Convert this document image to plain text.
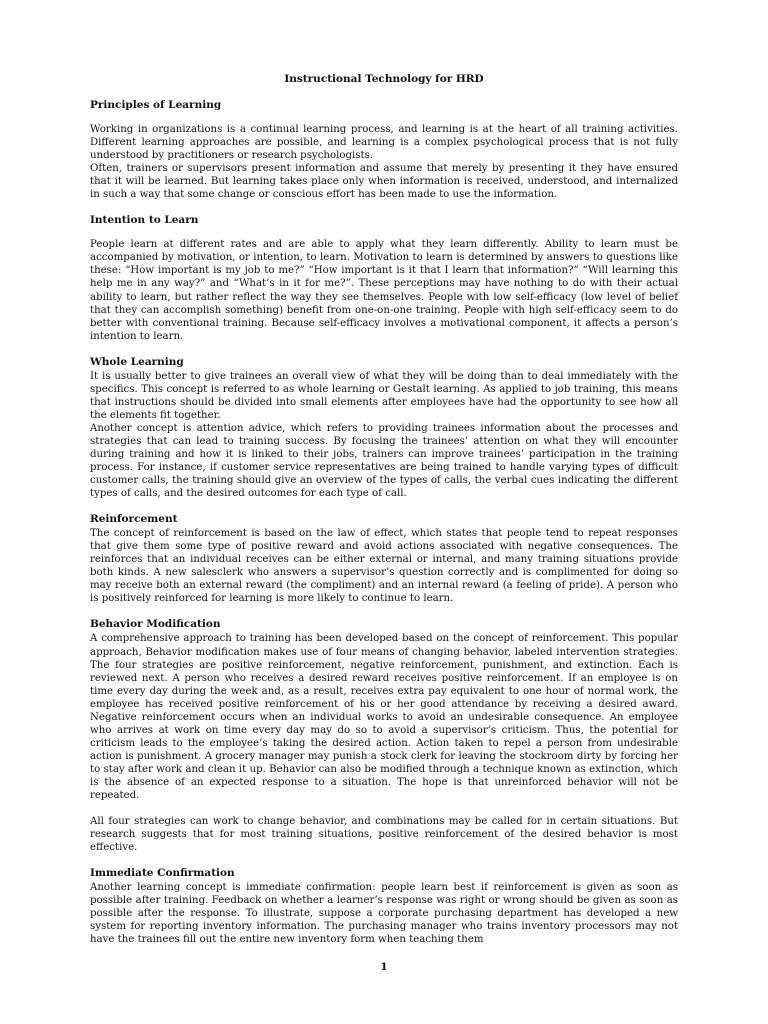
Instructional Technology for HRD
Principles of Learning

Working in organizations is a continual learning process, and learning is at the heart of all training activities. Different learning approaches are possible, and learning is a complex psychological process that is not fully understood by practitioners or research psychologists.

Often, trainers or supervisors present information and assume that merely by presenting it they have ensured that it will be learned. But learning takes place only when information is received, understood, and internalized in such a way that some change or conscious effort has been made to use the information.

Intention to Learn

People learn at different rates and are able to apply what they learn differently. Ability to learn must be accompanied by motivation, or intention, to learn. Motivation to learn is determined by answers to questions like these: “How important is my job to me?” “How important is it that I learn that information?” “Will learning this help me in any way?” and “What’s in it for me?”. These perceptions may have nothing to do with their actual ability to learn, but rather reflect the way they see themselves. People with low self-efficacy (low level of belief that they can accomplish something) benefit from one-on-one training. People with high self-efficacy seem to do better with conventional training. Because self-efficacy involves a motivational component, it affects a person’s intention to learn.

Whole Learning

It is usually better to give trainees an overall view of what they will be doing than to deal immediately with the specifics. This concept is referred to as whole learning or Gestalt learning. As applied to job training, this means that instructions should be divided into small elements after employees have had the opportunity to see how all the elements fit together.

Another concept is attention advice, which refers to providing trainees information about the processes and strategies that can lead to training success. By focusing the trainees’ attention on what they will encounter during training and how it is linked to their jobs, trainers can improve trainees’ participation in the training process. For instance, if customer service representatives are being trained to handle varying types of difficult customer calls, the training should give an overview of the types of calls, the verbal cues indicating the different types of calls, and the desired outcomes for each type of call.

Reinforcement

The concept of reinforcement is based on the law of effect, which states that people tend to repeat responses that give them some type of positive reward and avoid actions associated with negative consequences. The reinforces that an individual receives can be either external or internal, and many training situations provide both kinds. A new salesclerk who answers a supervisor’s question correctly and is complimented for doing so may receive both an external reward (the compliment) and an internal reward (a feeling of pride). A person who is positively reinforced for learning is more likely to continue to learn.

Behavior Modification

A comprehensive approach to training has been developed based on the concept of reinforcement. This popular approach, Behavior modification makes use of four means of changing behavior, labeled intervention strategies. The four strategies are positive reinforcement, negative reinforcement, punishment, and extinction. Each is reviewed next. A person who receives a desired reward receives positive reinforcement. If an employee is on time every day during the week and, as a result, receives extra pay equivalent to one hour of normal work, the employee has received positive reinforcement of his or her good attendance by receiving a desired award. Negative reinforcement occurs when an individual works to avoid an undesirable consequence. An employee who arrives at work on time every day may do so to avoid a supervisor’s criticism. Thus, the potential for criticism leads to the employee’s taking the desired action. Action taken to repel a person from undesirable action is punishment. A grocery manager may punish a stock clerk for leaving the stockroom dirty by forcing her to stay after work and clean it up. Behavior can also be modified through a technique known as extinction, which is the absence of an expected response to a situation. The hope is that unreinforced behavior will not be repeated.

All four strategies can work to change behavior, and combinations may be called for in certain situations. But research suggests that for most training situations, positive reinforcement of the desired behavior is most effective.

Immediate Confirmation

Another learning concept is immediate confirmation: people learn best if reinforcement is given as soon as possible after training. Feedback on whether a learner’s response was right or wrong should be given as soon as possible after the response. To illustrate, suppose a corporate purchasing department has developed a new system for reporting inventory information. The purchasing manager who trains inventory processors may not have the trainees fill out the entire new inventory form when teaching them

1
